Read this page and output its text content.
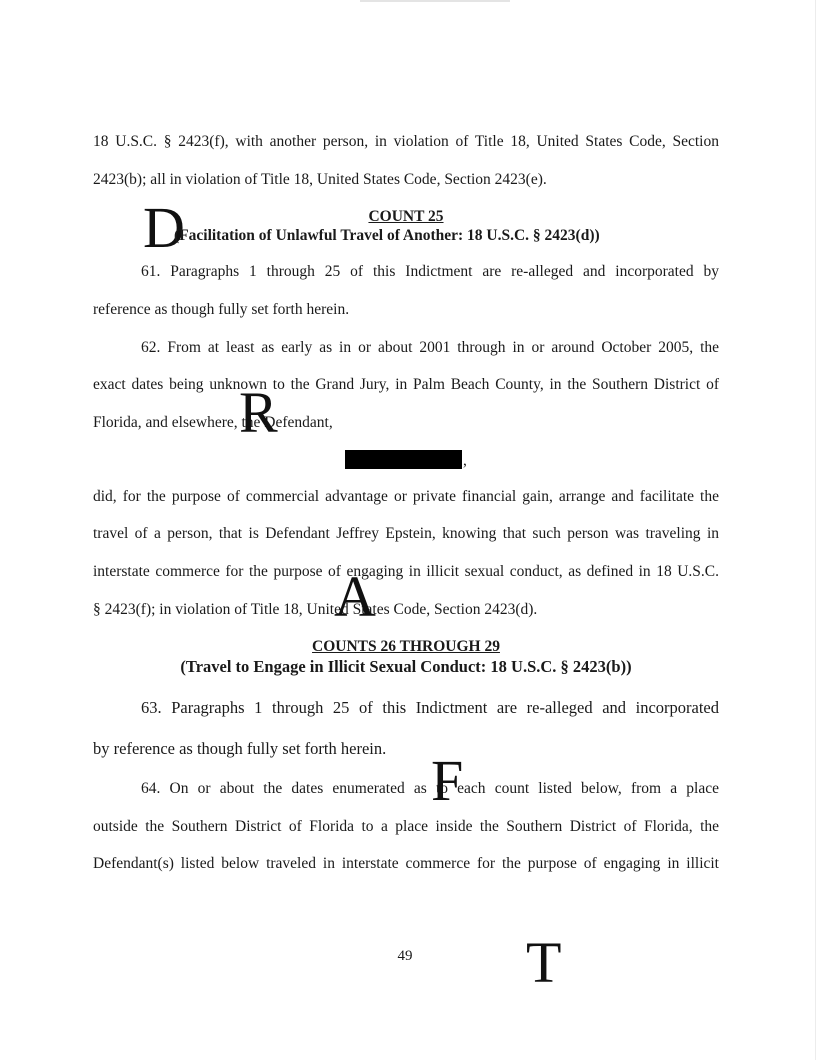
18 U.S.C. § 2423(f), with another person, in violation of Title 18, United States Code, Section
2423(b); all in violation of Title 18, United States Code, Section 2423(e).
D	COUNT 25
(Facilitation of Unlawful Travel of Another: 18 U.S.C. § 2423(d))
61. Paragraphs 1 through 25 of this Indictment are re-alleged and incorporated by
reference as though fully set forth herein.
62. From at least as early as in or about 2001 through in or around October 2005, the
exact dates being unknown to the Grand Jury, in Palm Beach County, in the Southern District of
Florida, and elsewhere, the Defendant,
R
,
did, for the purpose of commercial advantage or private financial gain, arrange and facilitate the
travel of a person, that is Defendant Jeffrey Epstein, knowing that such person was traveling in
interstate commerce for the purpose of engaging in illicit sexual conduct, as defined in 18 U.S.C.
§ 2423(f); in violation of Title 18, United States Code, Section 2423(d).
A
COUNTS 26 THROUGH 29
(Travel to Engage in Illicit Sexual Conduct: 18 U.S.C. § 2423(b))
63. Paragraphs 1 through 25 of this Indictment are re-alleged and incorporated
by reference as though fully set forth herein.
64. On or about the dates enumerated as to each count listed below, from a place
F
outside the Southern District of Florida to a place inside the Southern District of Florida, the
Defendant(s) listed below traveled in interstate commerce for the purpose of engaging in illicit
49	T
